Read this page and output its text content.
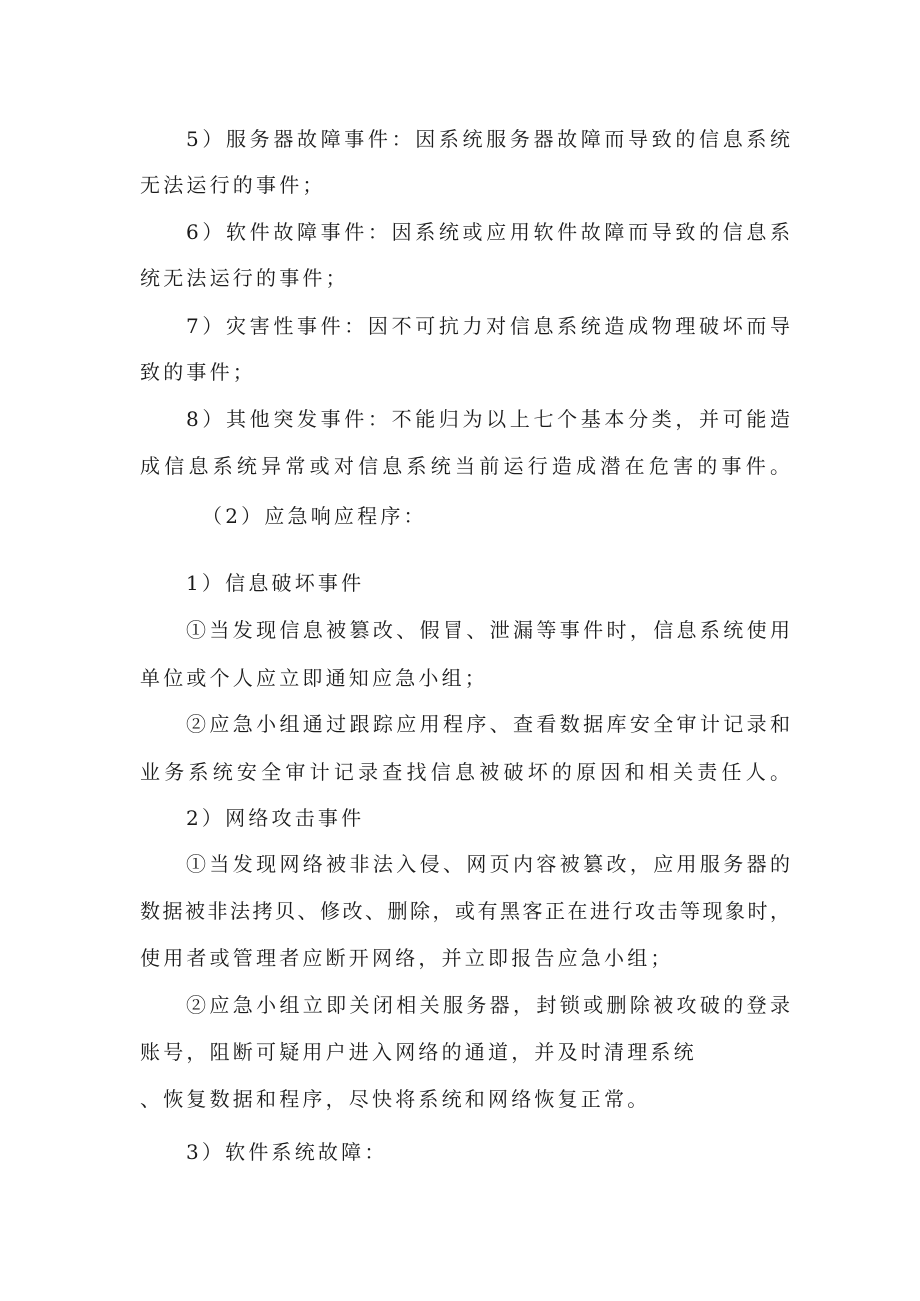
5）服务器故障事件：因系统服务器故障而导致的信息系统
无法运行的事件；
6）软件故障事件：因系统或应用软件故障而导致的信息系
统无法运行的事件；
7）灾害性事件：因不可抗力对信息系统造成物理破坏而导
致的事件；
8）其他突发事件：不能归为以上七个基本分类，并可能造
成信息系统异常或对信息系统当前运行造成潜在危害的事件。
（2）应急响应程序：
1）信息破坏事件
①当发现信息被篡改、假冒、泄漏等事件时，信息系统使用
单位或个人应立即通知应急小组；
②应急小组通过跟踪应用程序、查看数据库安全审计记录和
业务系统安全审计记录查找信息被破坏的原因和相关责任人。
2）网络攻击事件
①当发现网络被非法入侵、网页内容被篡改，应用服务器的
数据被非法拷贝、修改、删除，或有黑客正在进行攻击等现象时，
使用者或管理者应断开网络，并立即报告应急小组；
②应急小组立即关闭相关服务器，封锁或删除被攻破的登录
账号，阻断可疑用户进入网络的通道，并及时清理系统
、恢复数据和程序，尽快将系统和网络恢复正常。
3）软件系统故障：
